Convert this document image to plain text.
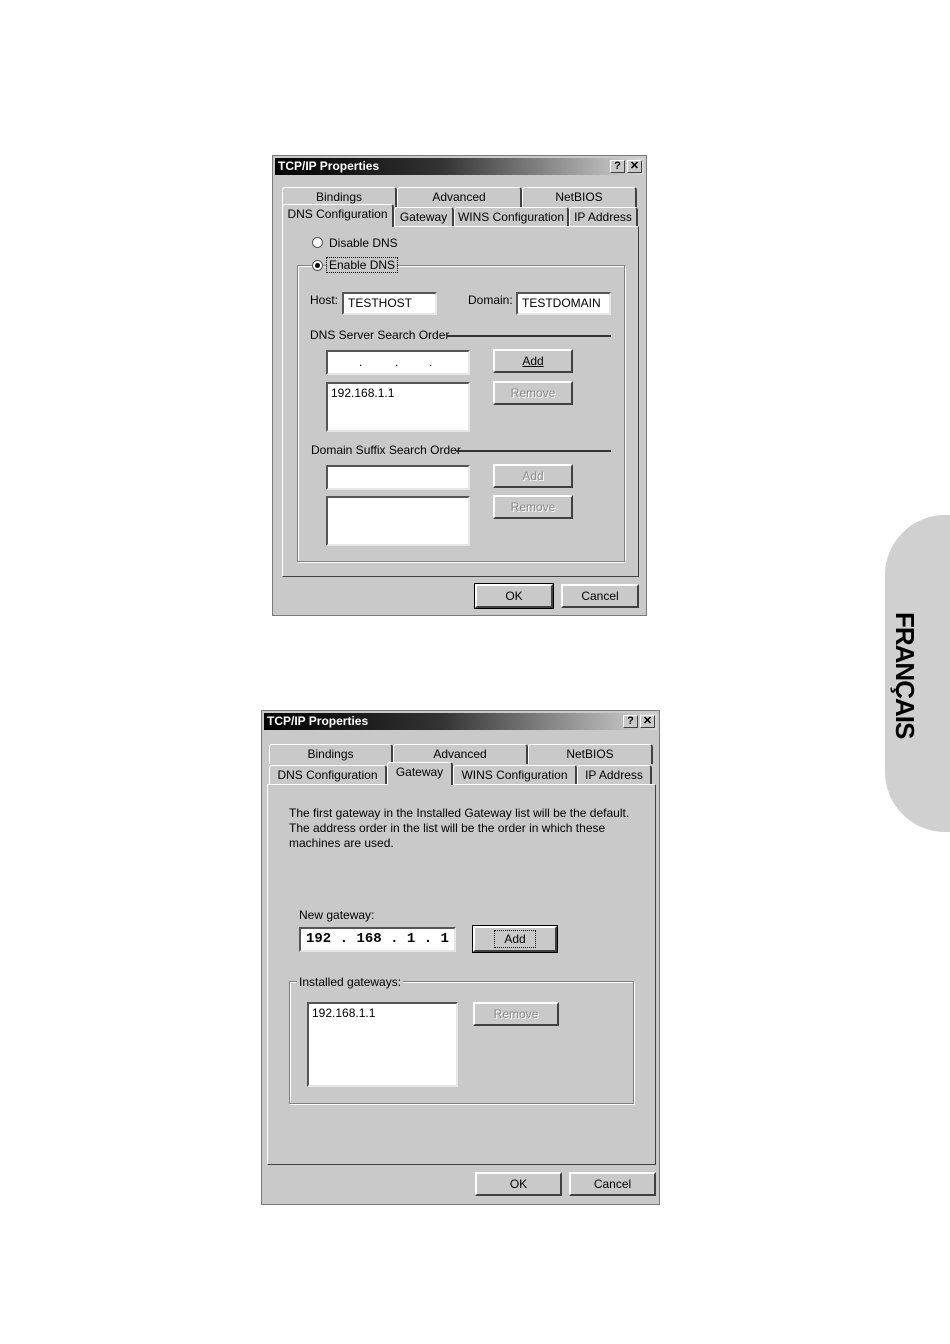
TCP/IP Properties	? ✕
Bindings	Advanced	NetBIOS
DNS Configuration	Gateway WINS Configuration IP Address
Disable DNS
Enable DNS
Host: TESTHOST	Domain: TESTDOMAIN
DNS Server Search Order
.	.	.	Add
192.168.1.1	Remove
Domain Suffix Search Order
Add
Remove
OK	Cancel
TCP/IP Properties	? ✕
Bindings	Advanced	NetBIOS
DNS Configuration	Gateway	WINS Configuration	IP Address
The first gateway in the Installed Gateway list will be the default.
The address order in the list will be the order in which these
machines are used.
New gateway:
192 . 168 . 1 . 1	Add
Installed gateways:
192.168.1.1	Remove
OK	Cancel
FRANÇAIS
